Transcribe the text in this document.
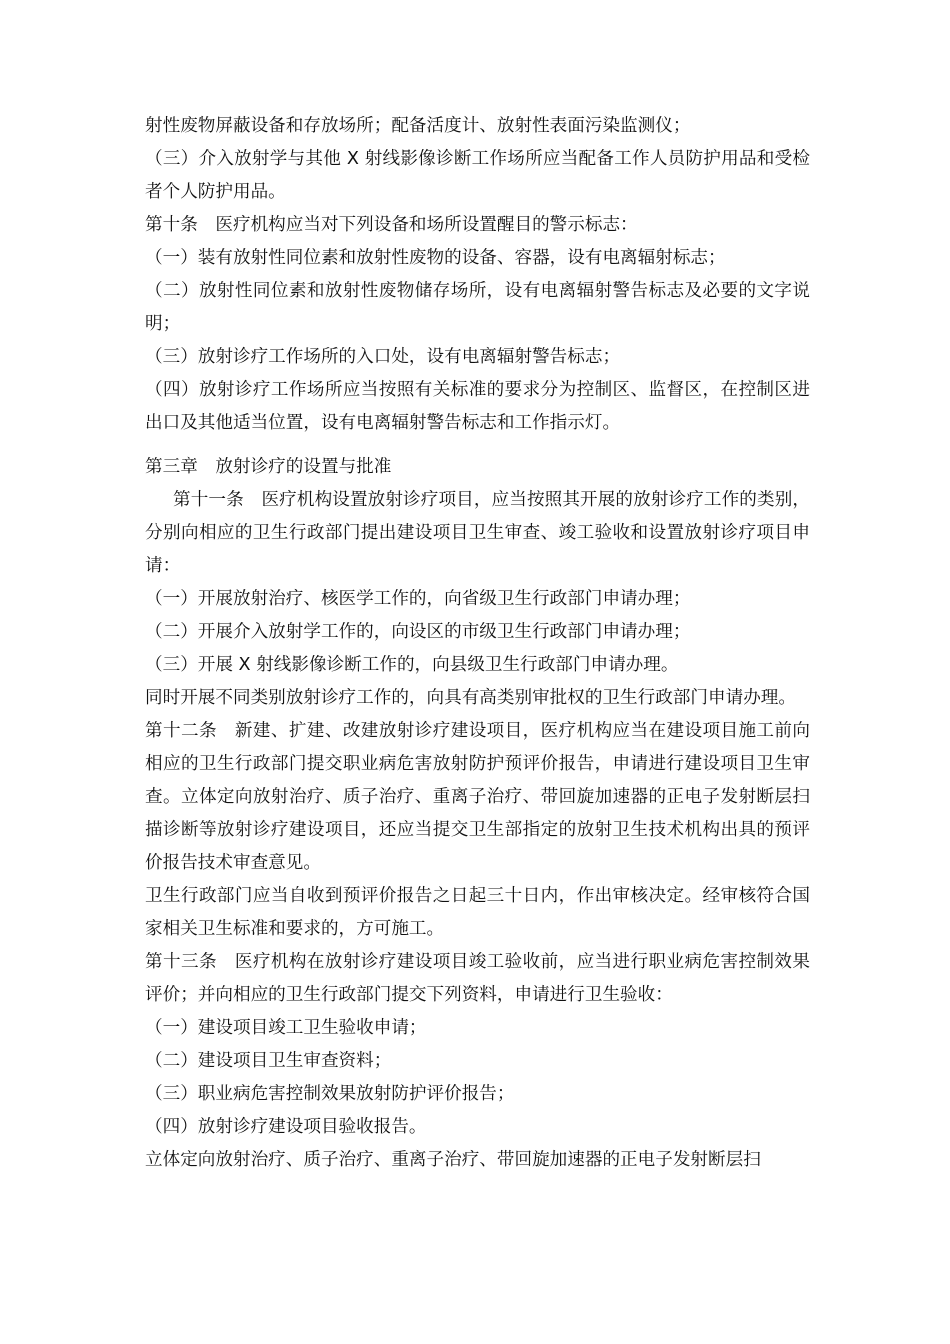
射性废物屏蔽设备和存放场所；配备活度计、放射性表面污染监测仪；

（三）介入放射学与其他 X 射线影像诊断工作场所应当配备工作人员防护用品和受检者个人防护用品。

第十条　医疗机构应当对下列设备和场所设置醒目的警示标志：

（一）装有放射性同位素和放射性废物的设备、容器，设有电离辐射标志；

（二）放射性同位素和放射性废物储存场所，设有电离辐射警告标志及必要的文字说明；

（三）放射诊疗工作场所的入口处，设有电离辐射警告标志；

（四）放射诊疗工作场所应当按照有关标准的要求分为控制区、监督区，在控制区进出口及其他适当位置，设有电离辐射警告标志和工作指示灯。

第三章　放射诊疗的设置与批准

第十一条　医疗机构设置放射诊疗项目，应当按照其开展的放射诊疗工作的类别，分别向相应的卫生行政部门提出建设项目卫生审查、竣工验收和设置放射诊疗项目申请：

（一）开展放射治疗、核医学工作的，向省级卫生行政部门申请办理；

（二）开展介入放射学工作的，向设区的市级卫生行政部门申请办理；

（三）开展 X 射线影像诊断工作的，向县级卫生行政部门申请办理。

同时开展不同类别放射诊疗工作的，向具有高类别审批权的卫生行政部门申请办理。

第十二条　新建、扩建、改建放射诊疗建设项目，医疗机构应当在建设项目施工前向相应的卫生行政部门提交职业病危害放射防护预评价报告，申请进行建设项目卫生审查。立体定向放射治疗、质子治疗、重离子治疗、带回旋加速器的正电子发射断层扫描诊断等放射诊疗建设项目，还应当提交卫生部指定的放射卫生技术机构出具的预评价报告技术审查意见。

卫生行政部门应当自收到预评价报告之日起三十日内，作出审核决定。经审核符合国家相关卫生标准和要求的，方可施工。

第十三条　医疗机构在放射诊疗建设项目竣工验收前，应当进行职业病危害控制效果评价；并向相应的卫生行政部门提交下列资料，申请进行卫生验收：

（一）建设项目竣工卫生验收申请；

（二）建设项目卫生审查资料；

（三）职业病危害控制效果放射防护评价报告；

（四）放射诊疗建设项目验收报告。

立体定向放射治疗、质子治疗、重离子治疗、带回旋加速器的正电子发射断层扫
